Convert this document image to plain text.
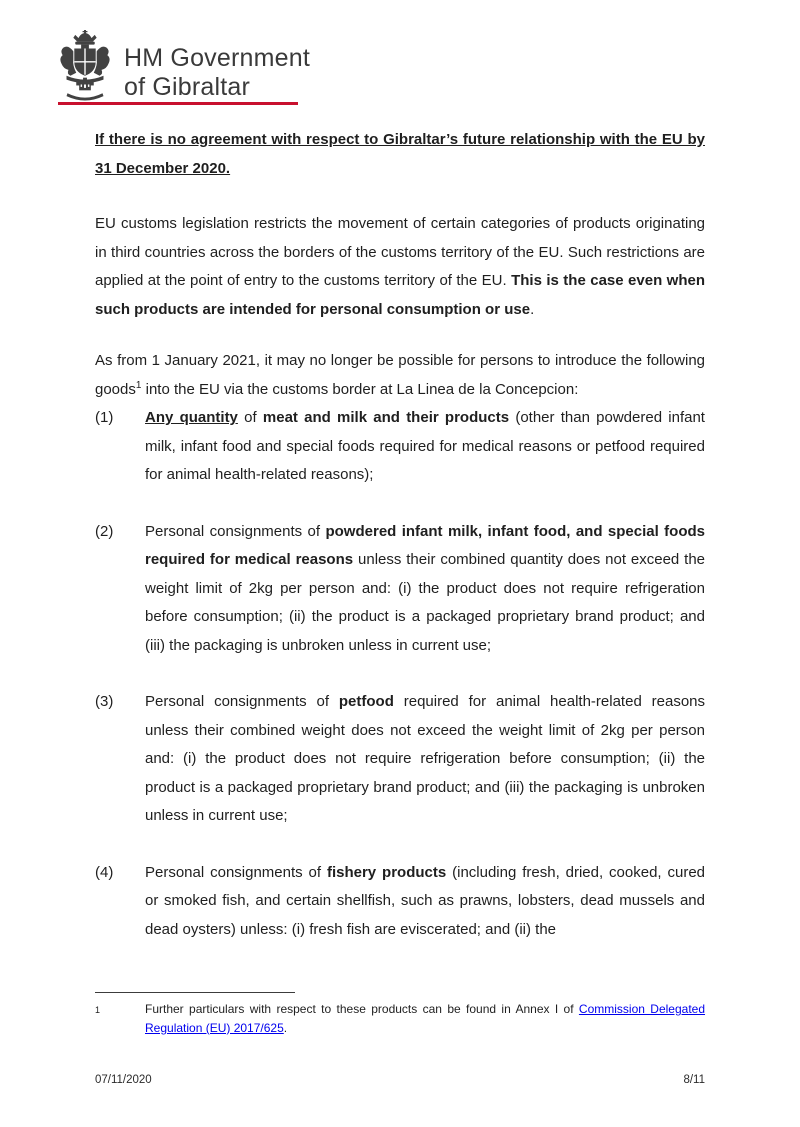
HM Government
of Gibraltar

If there is no agreement with respect to Gibraltar’s future relationship with the EU by 31 December 2020.

EU customs legislation restricts the movement of certain categories of products originating in third countries across the borders of the customs territory of the EU. Such restrictions are applied at the point of entry to the customs territory of the EU. This is the case even when such products are intended for personal consumption or use.

As from 1 January 2021, it may no longer be possible for persons to introduce the following goods$^1$ into the EU via the customs border at La Linea de la Concepcion:

(1)	Any quantity of meat and milk and their products (other than powdered infant milk, infant food and special foods required for medical reasons or petfood required for animal health-related reasons);
(2)	Personal consignments of powdered infant milk, infant food, and special foods required for medical reasons unless their combined quantity does not exceed the weight limit of 2kg per person and: (i) the product does not require refrigeration before consumption; (ii) the product is a packaged proprietary brand product; and (iii) the packaging is unbroken unless in current use;
(3)	Personal consignments of petfood required for animal health-related reasons unless their combined weight does not exceed the weight limit of 2kg per person and: (i) the product does not require refrigeration before consumption; (ii) the product is a packaged proprietary brand product; and (iii) the packaging is unbroken unless in current use;
(4)	Personal consignments of fishery products (including fresh, dried, cooked, cured or smoked fish, and certain shellfish, such as prawns, lobsters, dead mussels and dead oysters) unless: (i) fresh fish are eviscerated; and (ii) the
1	Further particulars with respect to these products can be found in Annex I of Commission Delegated Regulation (EU) 2017/625.
07/11/2020	8/11
